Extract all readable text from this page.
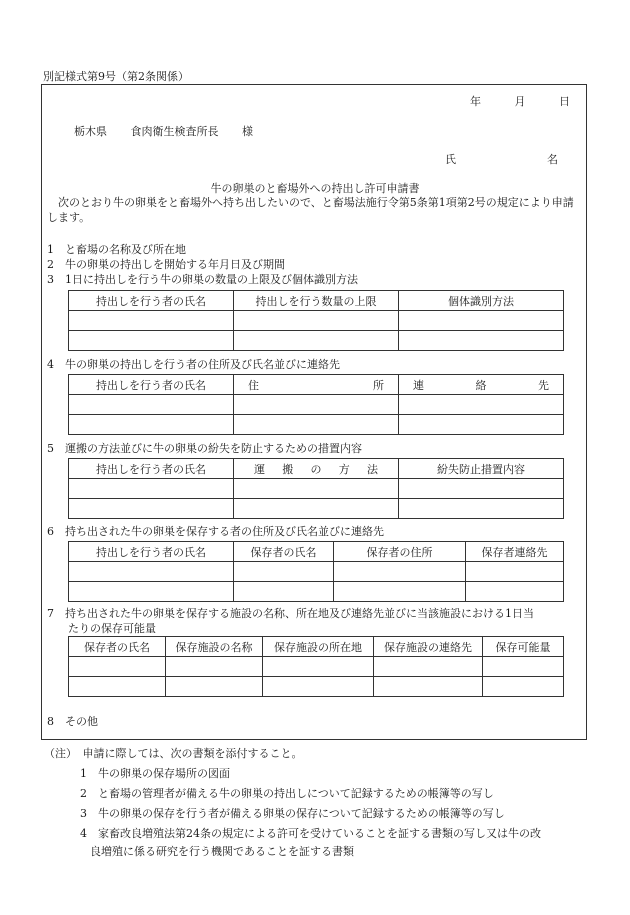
別記様式第9号（第2条関係）
年	月	日
栃木県 食肉衛生検査所長 様
氏	名
牛の卵巣のと畜場外への持出し許可申請書
次のとおり牛の卵巣をと畜場外へ持ち出したいので、と畜場法施行令第5条第1項第2号の規定により申請します。
1　と畜場の名称及び所在地
2　牛の卵巣の持出しを開始する年月日及び期間
3　1日に持出しを行う牛の卵巣の数量の上限及び個体識別方法
持出しを行う者の氏名	持出しを行う数量の上限	個体識別方法

4　牛の卵巣の持出しを行う者の住所及び氏名並びに連絡先
持出しを行う者の氏名	住 所	連 絡 先

5　運搬の方法並びに牛の卵巣の紛失を防止するための措置内容
持出しを行う者の氏名	運 搬 の 方 法	紛失防止措置内容

6　持ち出された牛の卵巣を保存する者の住所及び氏名並びに連絡先
持出しを行う者の氏名	保存者の氏名	保存者の住所	保存者連絡先

7　持ち出された牛の卵巣を保存する施設の名称、所在地及び連絡先並びに当該施設における1日当
たりの保存可能量
保存者の氏名	保存施設の名称	保存施設の所在地	保存施設の連絡先	保存可能量

8　その他
（注）　申請に際しては、次の書類を添付すること。
1　牛の卵巣の保存場所の図面
2　と畜場の管理者が備える牛の卵巣の持出しについて記録するための帳簿等の写し
3　牛の卵巣の保存を行う者が備える卵巣の保存について記録するための帳簿等の写し
4　家畜改良増殖法第24条の規定による許可を受けていることを証する書類の写し又は牛の改
良増殖に係る研究を行う機関であることを証する書類
